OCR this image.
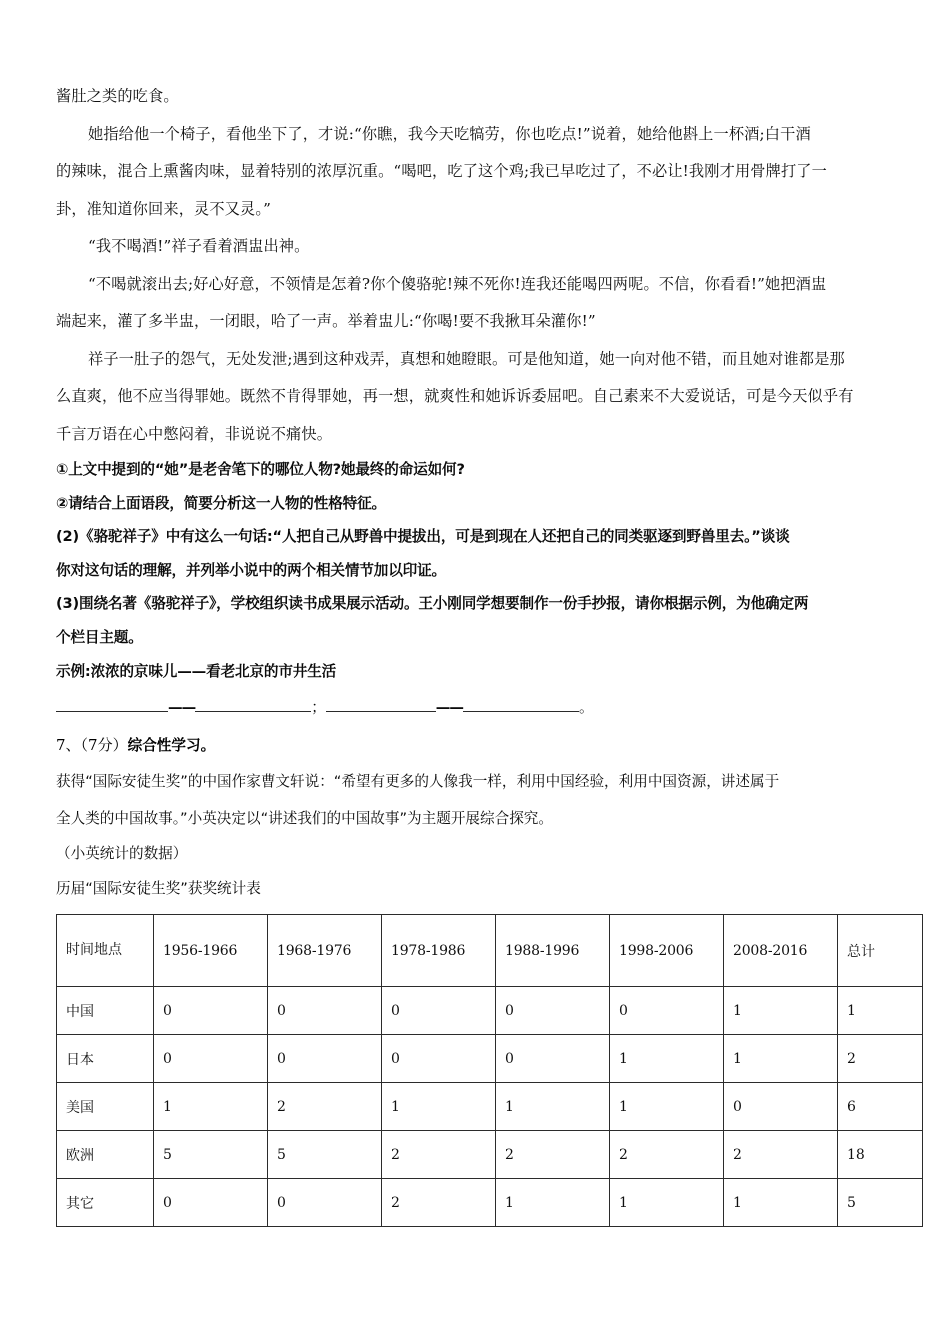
酱肚之类的吃食。
她指给他一个椅子，看他坐下了，才说:“你瞧，我今天吃犒劳，你也吃点!”说着，她给他斟上一杯酒;白干酒
的辣味，混合上熏酱肉味，显着特别的浓厚沉重。“喝吧，吃了这个鸡;我已早吃过了，不必让!我刚才用骨牌打了一
卦，准知道你回来，灵不又灵。”
“我不喝酒!”祥子看着酒盅出神。
“不喝就滚出去;好心好意，不领情是怎着?你个傻骆驼!辣不死你!连我还能喝四两呢。不信，你看看!”她把酒盅
端起来，灌了多半盅，一闭眼，哈了一声。举着盅儿:“你喝!要不我揪耳朵灌你!”
祥子一肚子的怨气，无处发泄;遇到这种戏弄，真想和她瞪眼。可是他知道，她一向对他不错，而且她对谁都是那
么直爽，他不应当得罪她。既然不肯得罪她，再一想，就爽性和她诉诉委屈吧。自己素来不大爱说话，可是今天似乎有
千言万语在心中憋闷着，非说说不痛快。
①上文中提到的“她”是老舍笔下的哪位人物?她最终的命运如何?
②请结合上面语段，简要分析这一人物的性格特征。
(2)《骆驼祥子》中有这么一句话:“人把自己从野兽中提拔出，可是到现在人还把自己的同类驱逐到野兽里去。”谈谈
你对这句话的理解，并列举小说中的两个相关情节加以印证。
(3)围绕名著《骆驼祥子》，学校组织读书成果展示活动。王小刚同学想要制作一份手抄报，请你根据示例，为他确定两
个栏目主题。
示例:浓浓的京味儿——看老北京的市井生活
——	；	——	。
7、（7分）综合性学习。
获得“国际安徒生奖”的中国作家曹文轩说：“希望有更多的人像我一样，利用中国经验，利用中国资源，讲述属于
全人类的中国故事。”小英决定以“讲述我们的中国故事”为主题开展综合探究。
（小英统计的数据）
历届“国际安徒生奖”获奖统计表
时间地点	1956-1966	1968-1976	1978-1986	1988-1996	1998-2006	2008-2016	总计
中国	0	0	0	0	0	1	1
日本	0	0	0	0	1	1	2
美国	1	2	1	1	1	0	6
欧洲	5	5	2	2	2	2	18
其它	0	0	2	1	1	1	5
